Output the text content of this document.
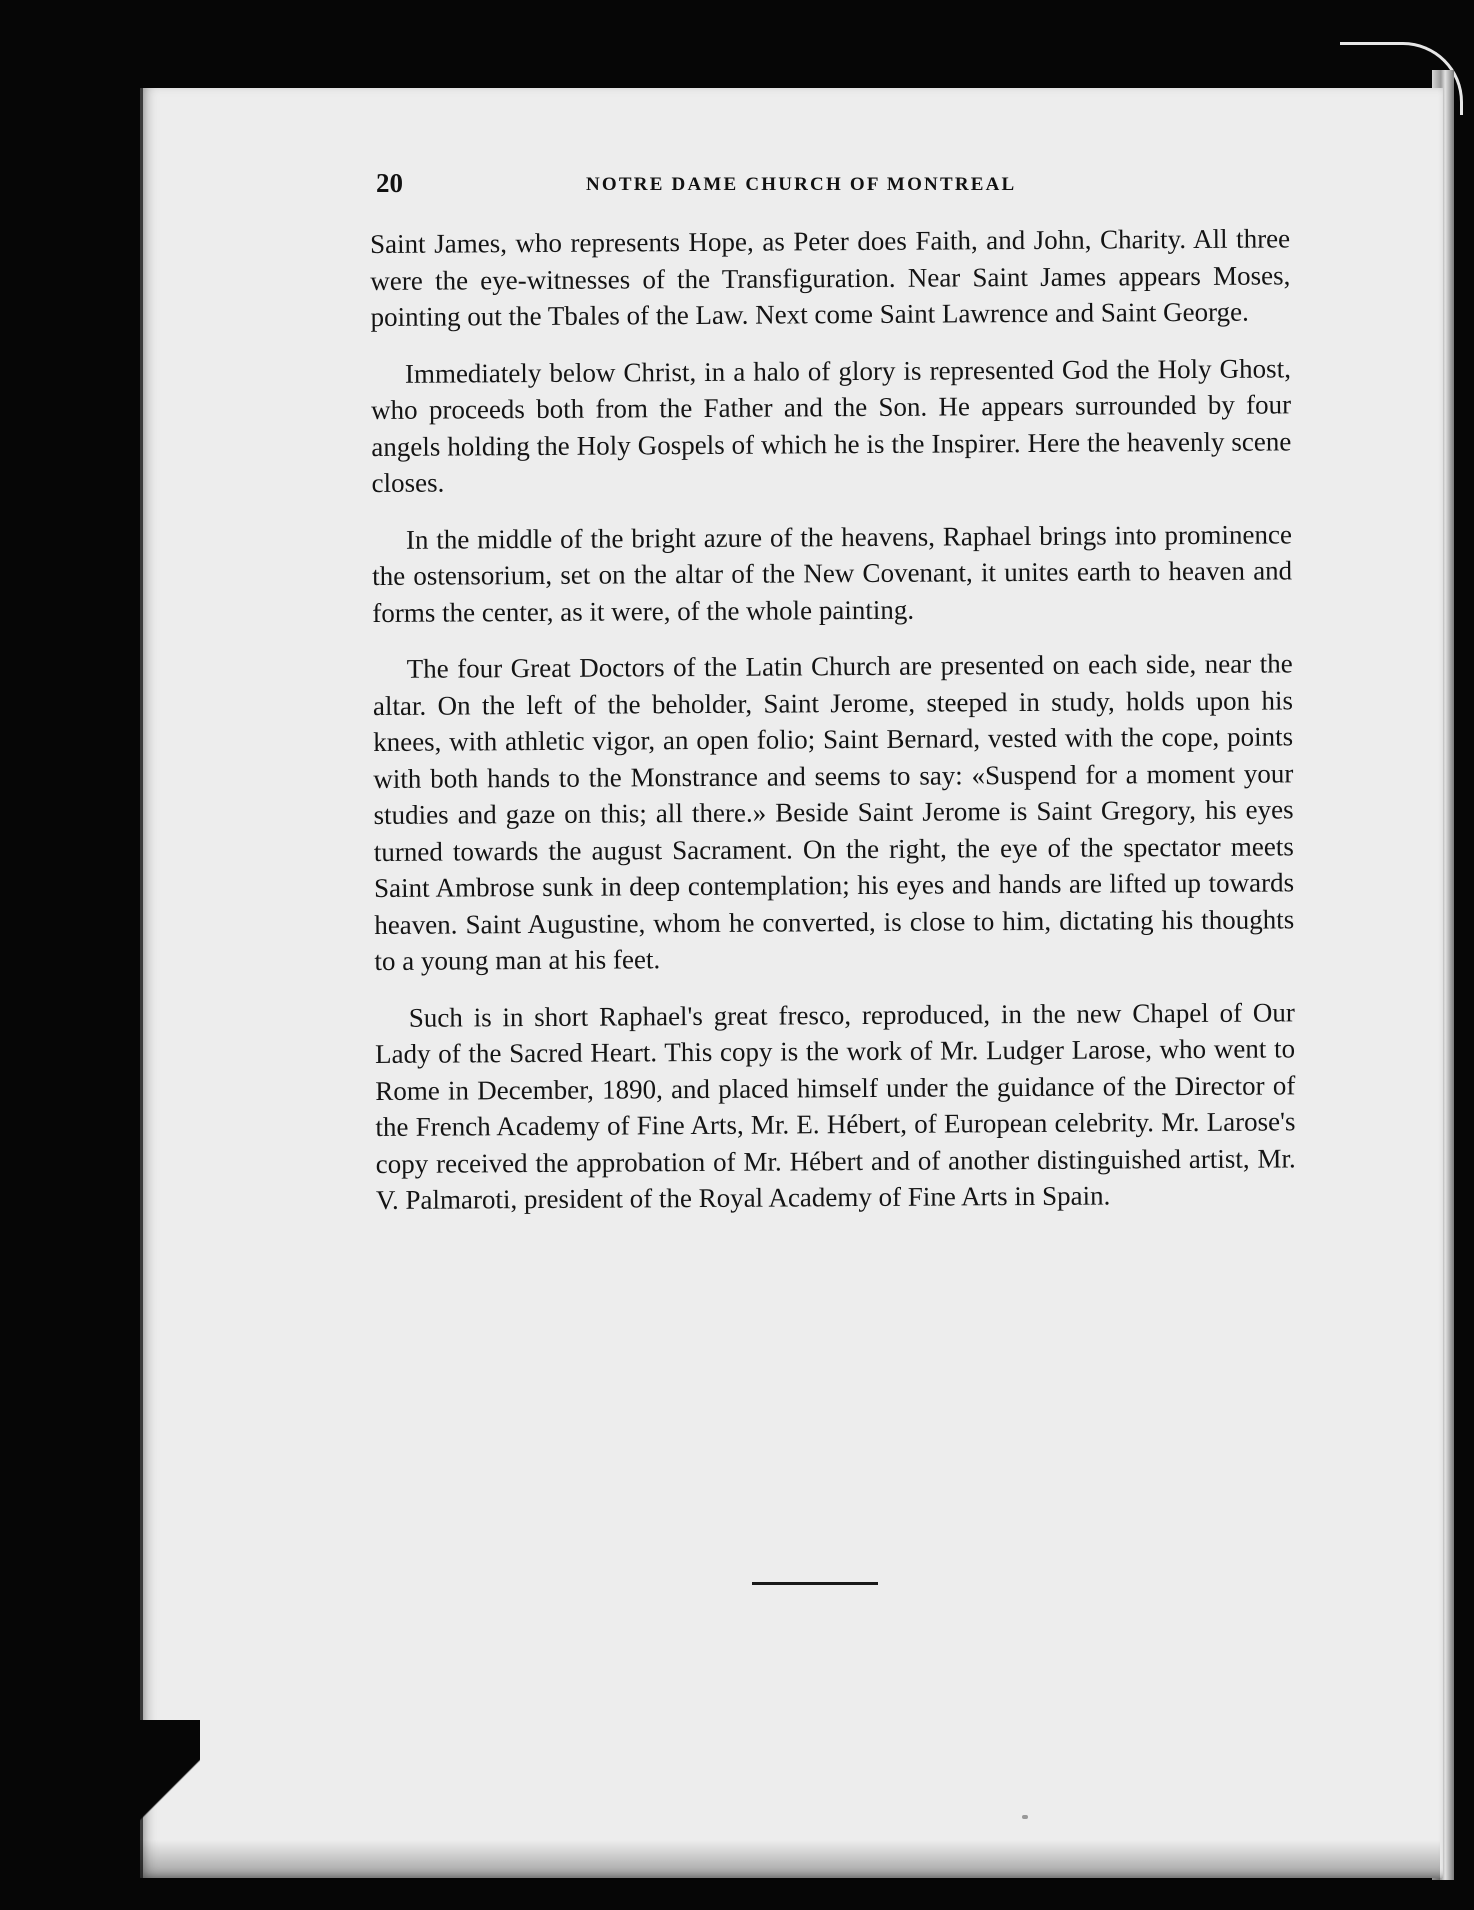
20	NOTRE DAME CHURCH OF MONTREAL

Saint James, who represents Hope, as Peter does Faith, and John, Charity. All three were the eye-witnesses of the Transfiguration. Near Saint James appears Moses, pointing out the Tbales of the Law. Next come Saint Lawrence and Saint George.

Immediately below Christ, in a halo of glory is represented God the Holy Ghost, who proceeds both from the Father and the Son. He appears surrounded by four angels holding the Holy Gospels of which he is the Inspirer. Here the heavenly scene closes.

In the middle of the bright azure of the heavens, Raphael brings into prominence the ostensorium, set on the altar of the New Covenant, it unites earth to heaven and forms the center, as it were, of the whole painting.

The four Great Doctors of the Latin Church are presented on each side, near the altar. On the left of the beholder, Saint Jerome, steeped in study, holds upon his knees, with athletic vigor, an open folio; Saint Bernard, vested with the cope, points with both hands to the Monstrance and seems to say: «Suspend for a moment your studies and gaze on this; all there.» Beside Saint Jerome is Saint Gregory, his eyes turned towards the august Sacrament. On the right, the eye of the spectator meets Saint Ambrose sunk in deep contemplation; his eyes and hands are lifted up towards heaven. Saint Augustine, whom he converted, is close to him, dictating his thoughts to a young man at his feet.

Such is in short Raphael's great fresco, reproduced, in the new Chapel of Our Lady of the Sacred Heart. This copy is the work of Mr. Ludger Larose, who went to Rome in December, 1890, and placed himself under the guidance of the Director of the French Academy of Fine Arts, Mr. E. Hébert, of European celebrity. Mr. Larose's copy received the approbation of Mr. Hébert and of another distinguished artist, Mr. V. Palmaroti, president of the Royal Academy of Fine Arts in Spain.
